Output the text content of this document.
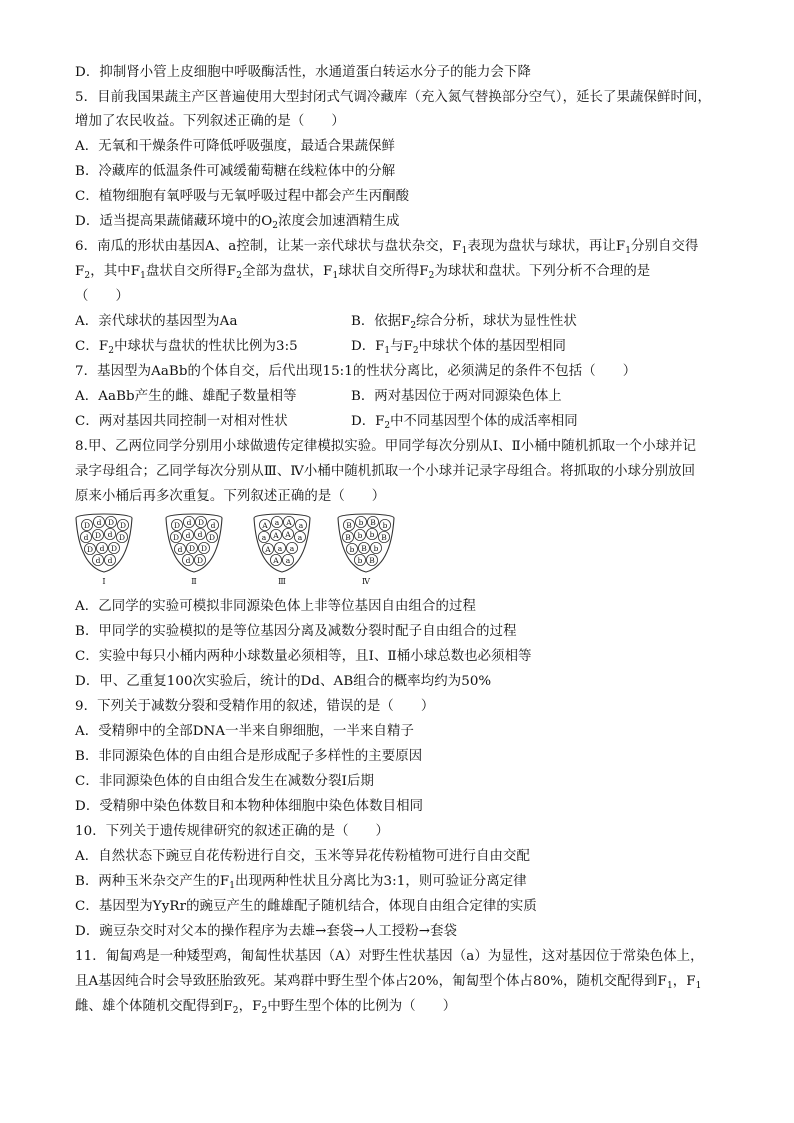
D．抑制肾小管上皮细胞中呼吸酶活性，水通道蛋白转运水分子的能力会下降
5．目前我国果蔬主产区普遍使用大型封闭式气调冷藏库（充入氮气替换部分空气），延长了果蔬保鲜时间，
增加了农民收益。下列叙述正确的是（　　）
A．无氧和干燥条件可降低呼吸强度，最适合果蔬保鲜
B．冷藏库的低温条件可减缓葡萄糖在线粒体中的分解
C．植物细胞有氧呼吸与无氧呼吸过程中都会产生丙酮酸
D．适当提高果蔬储藏环境中的$O_2$浓度会加速酒精生成
6．南瓜的形状由基因A、a控制，让某一亲代球状与盘状杂交，$F_1$表现为盘状与球状，再让$F_1$分别自交得
$F_2$，其中$F_1$盘状自交所得$F_2$全部为盘状，$F_1$球状自交所得$F_2$为球状和盘状。下列分析不合理的是
（　　）
A．亲代球状的基因型为Aa	B．依据$F_2$综合分析，球状为显性性状
C．$F_2$中球状与盘状的性状比例为3:5	D．$F_1$与$F_2$中球状个体的基因型相同
7．基因型为AaBb的个体自交，后代出现15:1的性状分离比，必须满足的条件不包括（　　）
A．AaBb产生的雌、雄配子数量相等	B．两对基因位于两对同源染色体上
C．两对基因共同控制一对相对性状	D．$F_2$中不同基因型个体的成活率相同
8.甲、乙两位同学分别用小球做遗传定律模拟实验。甲同学每次分别从Ⅰ、Ⅱ小桶中随机抓取一个小球并记
录字母组合；乙同学每次分别从Ⅲ、Ⅳ小桶中随机抓取一个小球并记录字母组合。将抓取的小球分别放回
原来小桶后再多次重复。下列叙述正确的是（　　）
D d D D
d D d D
D d D
d d
Ⅰ
D d D d
D d d D
d D D
d D
Ⅱ
A a A a
a A A a
A a a
A a
Ⅲ
B b B b
B b b B
b B b
b B
Ⅳ
A．乙同学的实验可模拟非同源染色体上非等位基因自由组合的过程
B．甲同学的实验模拟的是等位基因分离及减数分裂时配子自由组合的过程
C．实验中每只小桶内两种小球数量必须相等，且Ⅰ、Ⅱ桶小球总数也必须相等
D．甲、乙重复100次实验后，统计的Dd、AB组合的概率均约为50%
9．下列关于减数分裂和受精作用的叙述，错误的是（　　）
A．受精卵中的全部DNA一半来自卵细胞，一半来自精子
B．非同源染色体的自由组合是形成配子多样性的主要原因
C．非同源染色体的自由组合发生在减数分裂Ⅰ后期
D．受精卵中染色体数目和本物种体细胞中染色体数目相同
10．下列关于遗传规律研究的叙述正确的是（　　）
A．自然状态下豌豆自花传粉进行自交，玉米等异花传粉植物可进行自由交配
B．两种玉米杂交产生的$F_1$出现两种性状且分离比为3:1，则可验证分离定律
C．基因型为YyRr的豌豆产生的雌雄配子随机结合，体现自由组合定律的实质
D．豌豆杂交时对父本的操作程序为去雄→套袋→人工授粉→套袋
11．匍匐鸡是一种矮型鸡，匍匐性状基因（A）对野生性状基因（a）为显性，这对基因位于常染色体上，
且A基因纯合时会导致胚胎致死。某鸡群中野生型个体占20%，匍匐型个体占80%，随机交配得到$F_1$，$F_1$
雌、雄个体随机交配得到$F_2$，$F_2$中野生型个体的比例为（　　）
